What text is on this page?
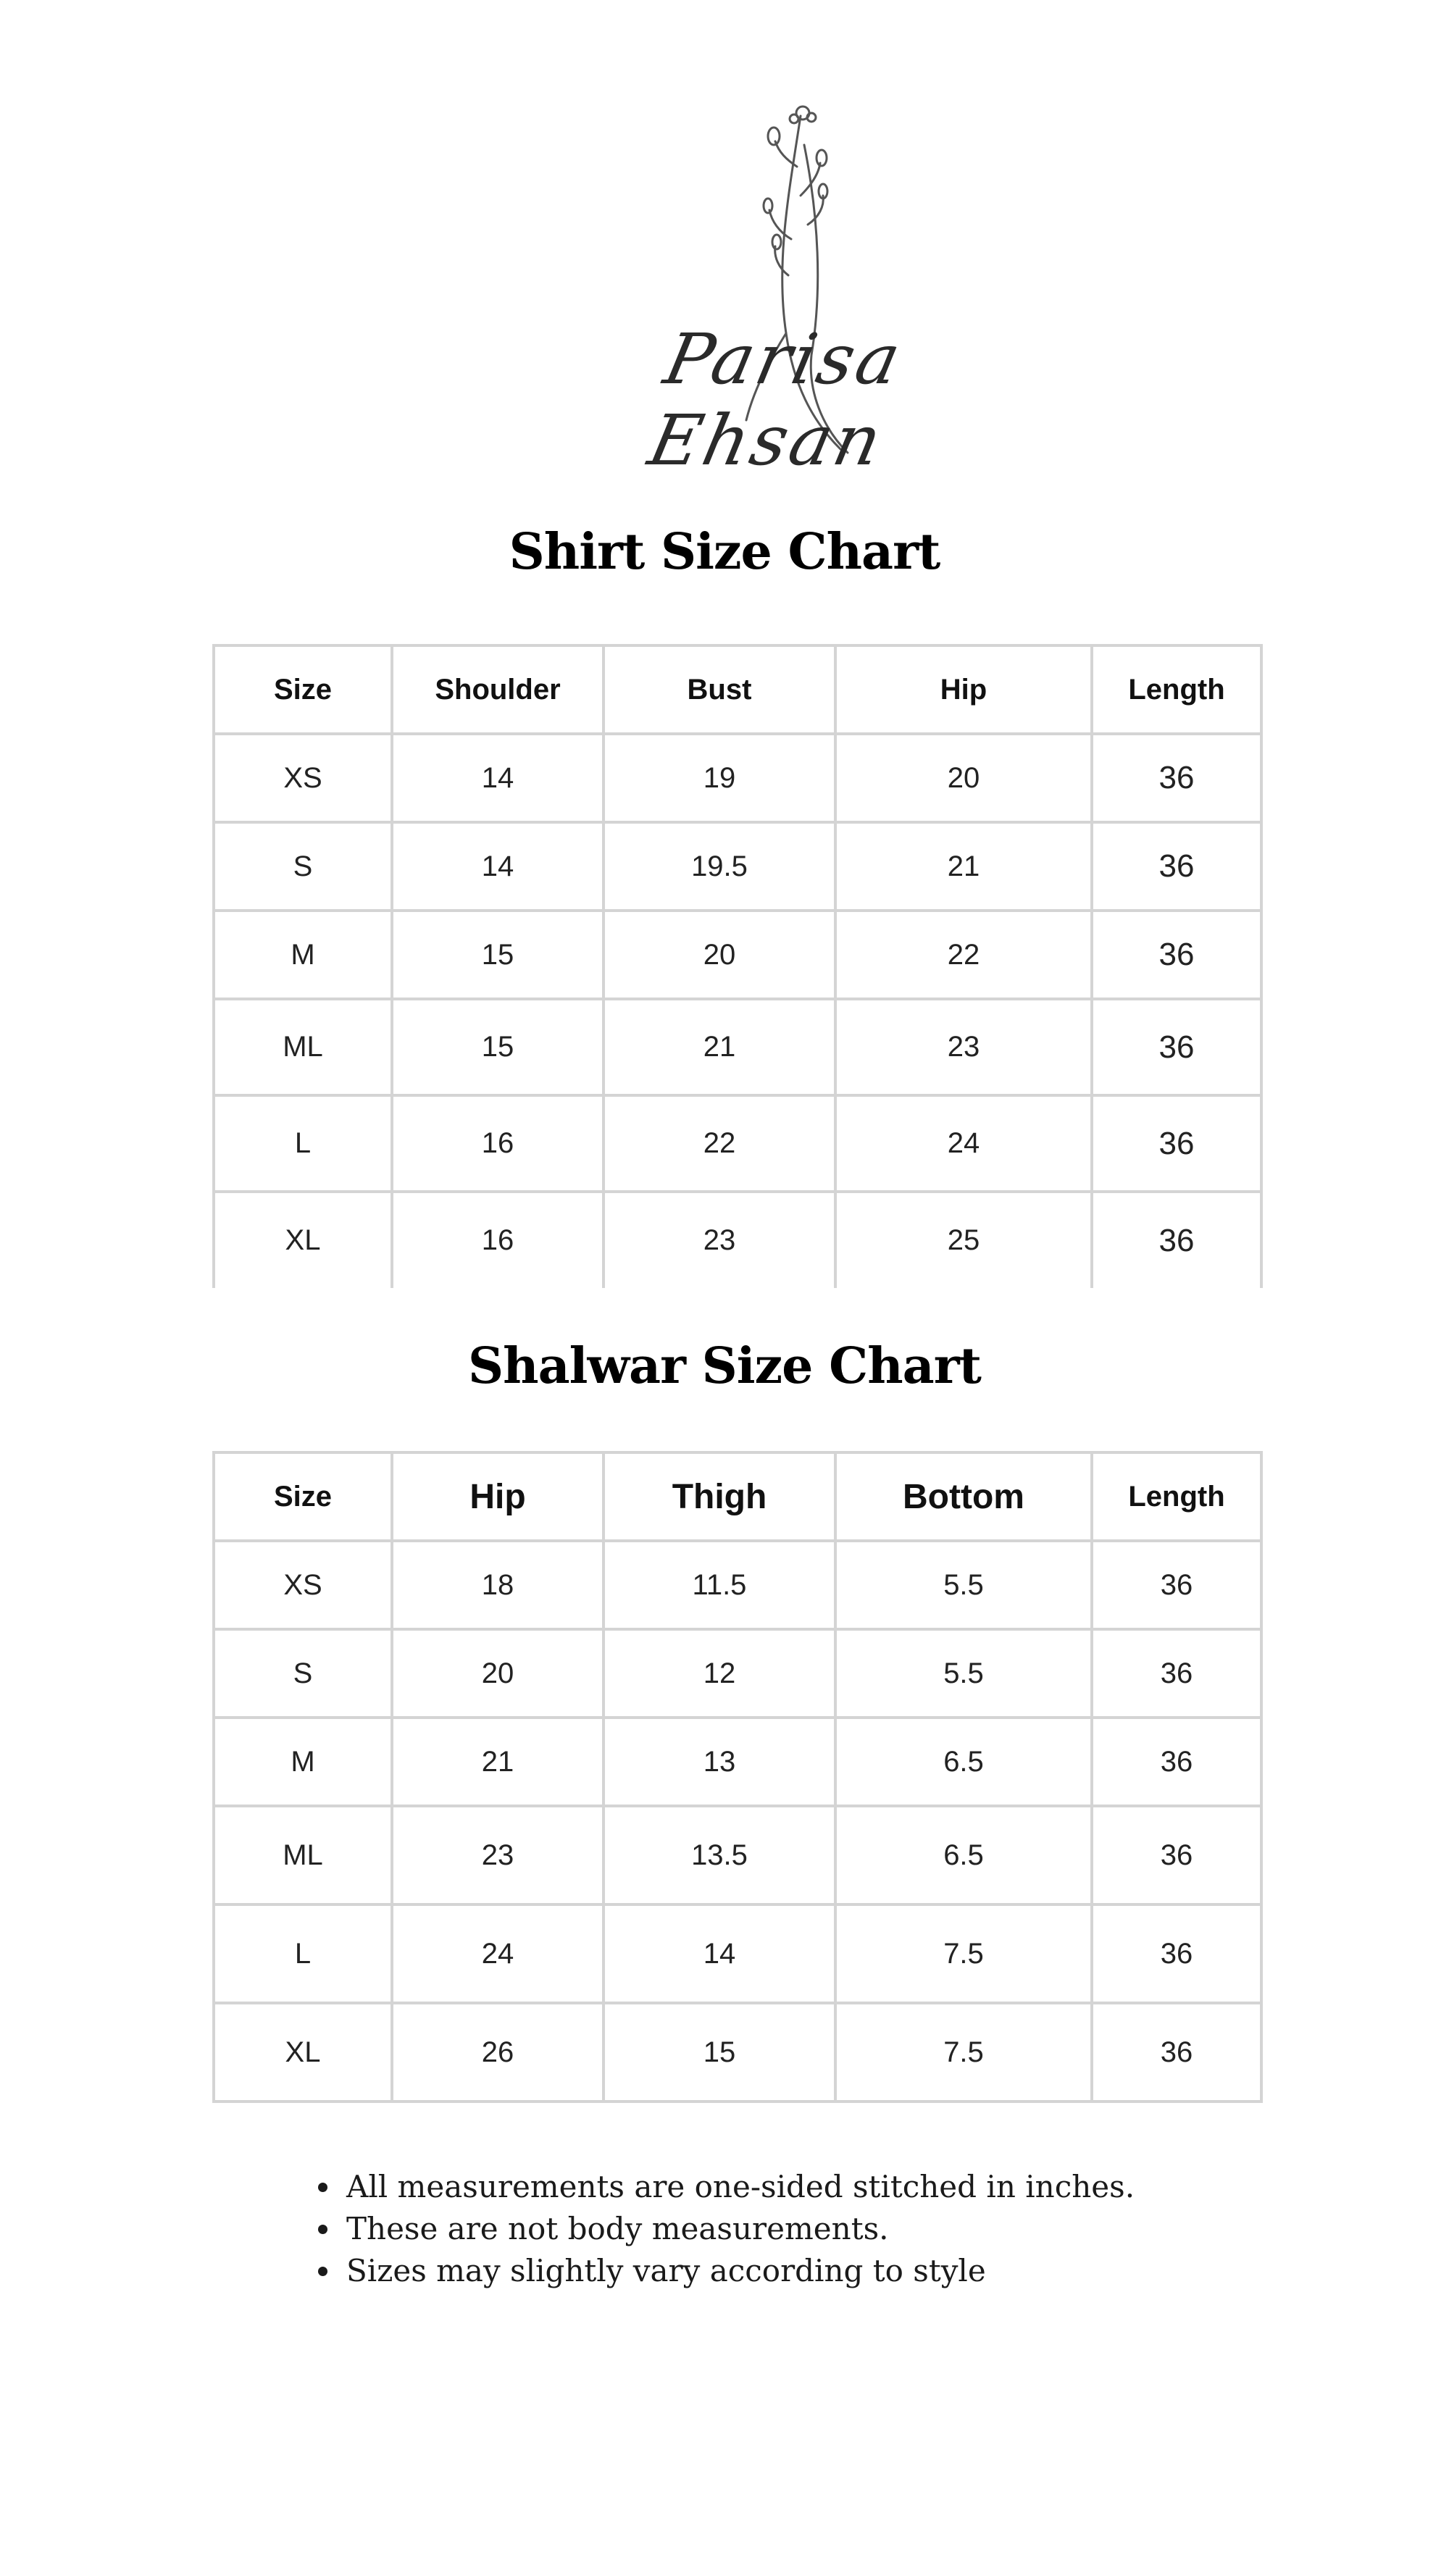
Parisa Ehsan
Shirt Size Chart
Size	Shoulder	Bust	Hip	Length
XS	14	19	20	36
S	14	19.5	21	36
M	15	20	22	36
ML	15	21	23	36
L	16	22	24	36
XL	16	23	25	36
Shalwar Size Chart
Size	Hip	Thigh	Bottom	Length
XS	18	11.5	5.5	36
S	20	12	5.5	36
M	21	13	6.5	36
ML	23	13.5	6.5	36
L	24	14	7.5	36
XL	26	15	7.5	36
• All measurements are one-sided stitched in inches.
• These are not body measurements.
• Sizes may slightly vary according to style
